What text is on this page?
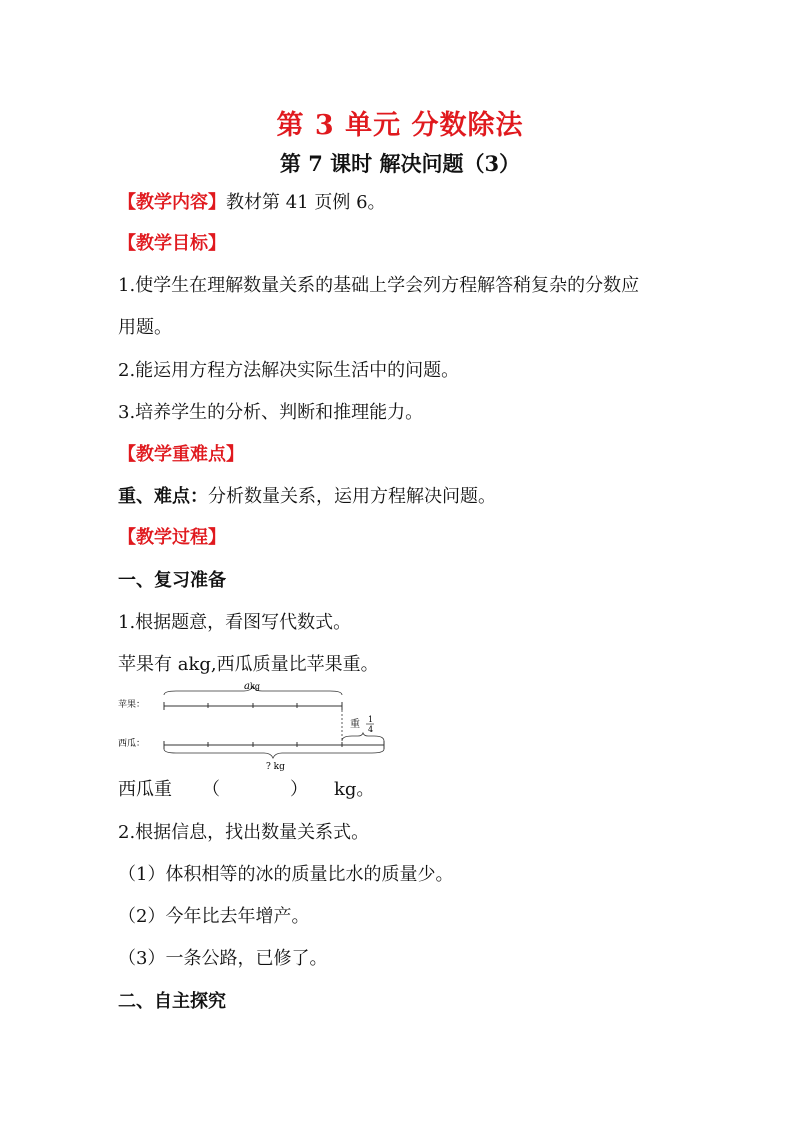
第 3 单元 分数除法
第 7 课时 解决问题（3）
【教学内容】教材第 41 页例 6。
【教学目标】
1.使学生在理解数量关系的基础上学会列方程解答稍复杂的分数应
用题。
2.能运用方程方法解决实际生活中的问题。
3.培养学生的分析、判断和推理能力。
【教学重难点】
重、难点：分析数量关系，运用方程解决问题。
【教学过程】
一、复习准备
1.根据题意，看图写代数式。
苹果有 akg,西瓜质量比苹果重。
苹果：
西瓜：
akg
重 1
4
? kg
西瓜重 （	） kg。
2.根据信息，找出数量关系式。
（1）体积相等的冰的质量比水的质量少。
（2）今年比去年增产。
（3）一条公路，已修了。
二、自主探究
